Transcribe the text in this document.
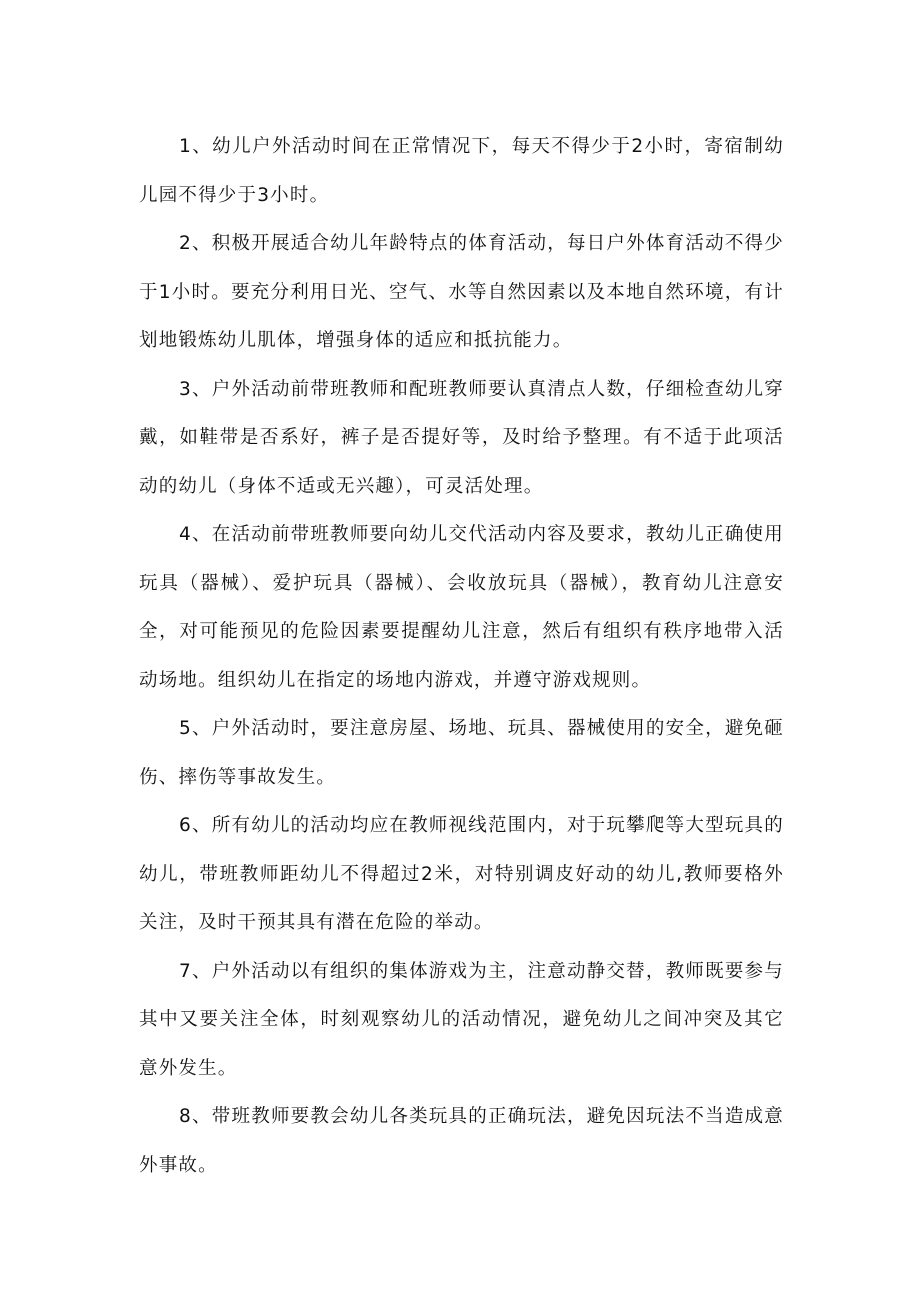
1、幼儿户外活动时间在正常情况下，每天不得少于2小时，寄宿制幼儿园不得少于3小时。

2、积极开展适合幼儿年龄特点的体育活动，每日户外体育活动不得少于1小时。要充分利用日光、空气、水等自然因素以及本地自然环境，有计划地锻炼幼儿肌体，增强身体的适应和抵抗能力。

3、户外活动前带班教师和配班教师要认真清点人数，仔细检查幼儿穿戴，如鞋带是否系好，裤子是否提好等，及时给予整理。有不适于此项活动的幼儿（身体不适或无兴趣），可灵活处理。

4、在活动前带班教师要向幼儿交代活动内容及要求，教幼儿正确使用玩具（器械）、爱护玩具（器械）、会收放玩具（器械），教育幼儿注意安全，对可能预见的危险因素要提醒幼儿注意，然后有组织有秩序地带入活动场地。组织幼儿在指定的场地内游戏，并遵守游戏规则。

5、户外活动时，要注意房屋、场地、玩具、器械使用的安全，避免砸伤、摔伤等事故发生。

6、所有幼儿的活动均应在教师视线范围内，对于玩攀爬等大型玩具的幼儿，带班教师距幼儿不得超过2米，对特别调皮好动的幼儿,教师要格外关注，及时干预其具有潜在危险的举动。

7、户外活动以有组织的集体游戏为主，注意动静交替，教师既要参与其中又要关注全体，时刻观察幼儿的活动情况，避免幼儿之间冲突及其它意外发生。

8、带班教师要教会幼儿各类玩具的正确玩法，避免因玩法不当造成意外事故。
